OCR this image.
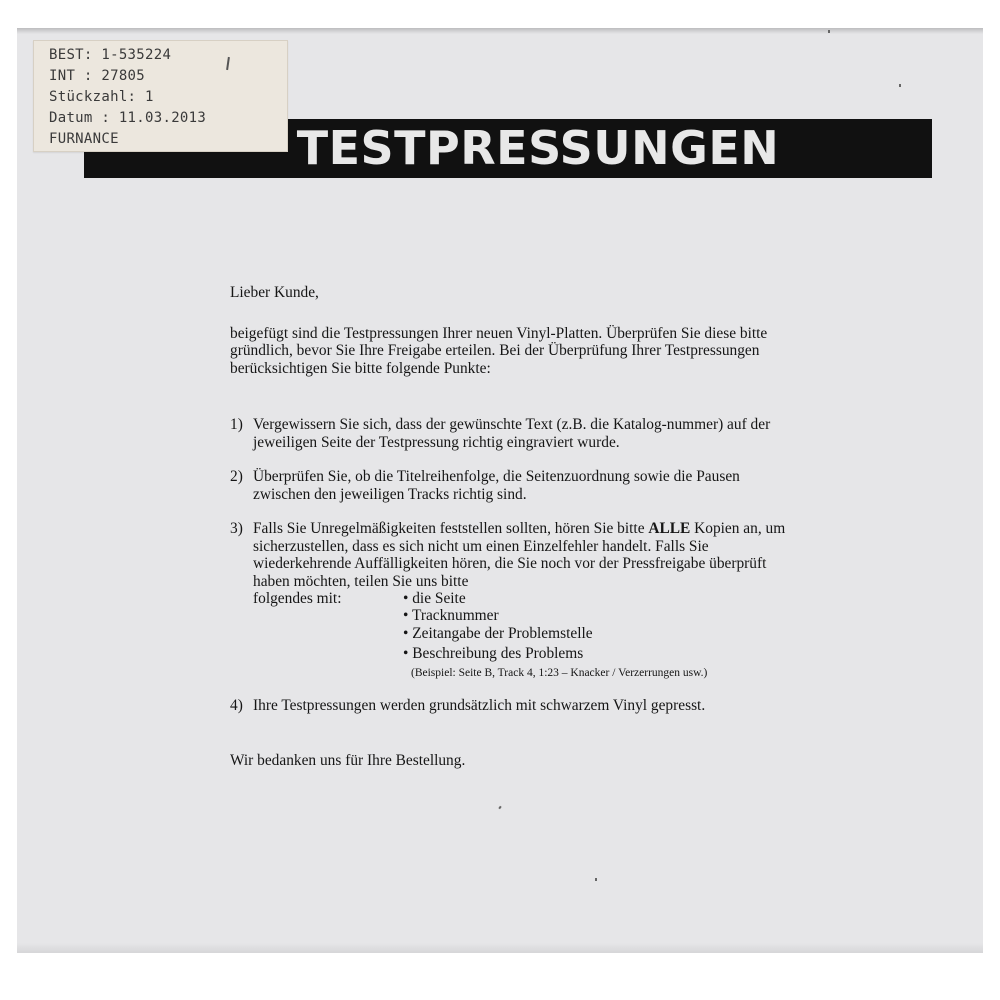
BEST: 1-535224
INT : 27805
Stückzahl: 1
Datum : 11.03.2013
FURNANCE	TESTPRESSUNGEN

Lieber Kunde,

beigefügt sind die Testpressungen Ihrer neuen Vinyl-Platten. Überprüfen Sie diese bitte gründlich, bevor Sie Ihre Freigabe erteilen. Bei der Überprüfung Ihrer Testpressungen berücksichtigen Sie bitte folgende Punkte:

1) Vergewissern Sie sich, dass der gewünschte Text (z.B. die Katalog-nummer) auf der jeweiligen Seite der Testpressung richtig eingraviert wurde.
2) Überprüfen Sie, ob die Titelreihenfolge, die Seitenzuordnung sowie die Pausen zwischen den jeweiligen Tracks richtig sind.
3) Falls Sie Unregelmäßigkeiten feststellen sollten, hören Sie bitte ALLE Kopien an, um sicherzustellen, dass es sich nicht um einen Einzelfehler handelt. Falls Sie wiederkehrende Auffälligkeiten hören, die Sie noch vor der Pressfreigabe überprüft haben möchten, teilen Sie uns bitte
folgendes mit:	• die Seite
• Tracknummer
• Zeitangabe der Problemstelle
• Beschreibung des Problems
(Beispiel: Seite B, Track 4, 1:23 – Knacker / Verzerrungen usw.)
4) Ihre Testpressungen werden grundsätzlich mit schwarzem Vinyl gepresst.

Wir bedanken uns für Ihre Bestellung.
